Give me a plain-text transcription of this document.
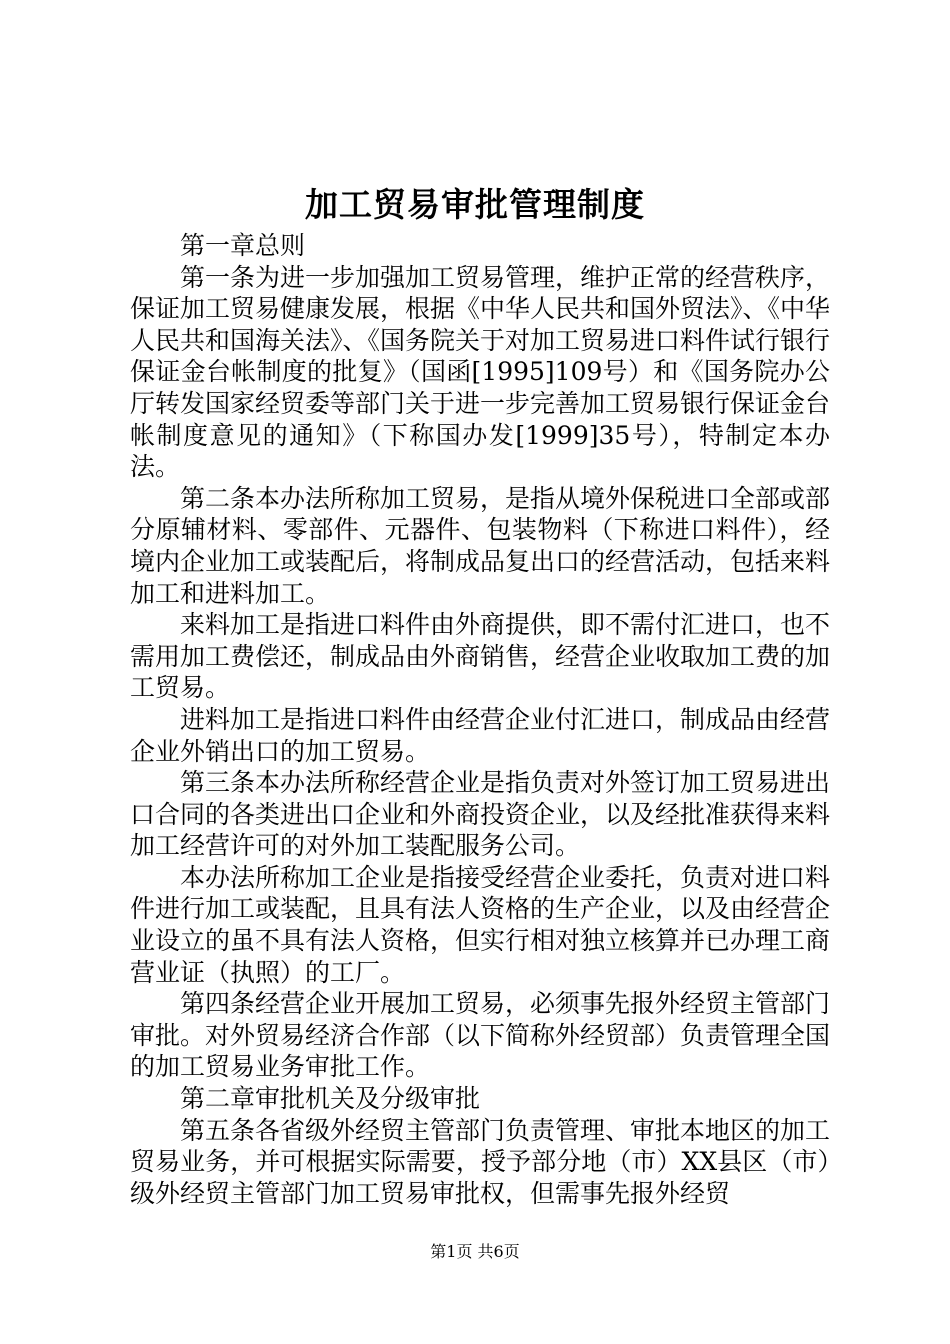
加工贸易审批管理制度

第一章总则

第一条为进一步加强加工贸易管理，维护正常的经营秩序，保证加工贸易健康发展，根据《中华人民共和国外贸法》、《中华人民共和国海关法》、《国务院关于对加工贸易进口料件试行银行保证金台帐制度的批复》（国函[1995]109号）和《国务院办公厅转发国家经贸委等部门关于进一步完善加工贸易银行保证金台帐制度意见的通知》（下称国办发[1999]35号），特制定本办法。

第二条本办法所称加工贸易，是指从境外保税进口全部或部分原辅材料、零部件、元器件、包装物料（下称进口料件），经境内企业加工或装配后，将制成品复出口的经营活动，包括来料加工和进料加工。

来料加工是指进口料件由外商提供，即不需付汇进口，也不需用加工费偿还，制成品由外商销售，经营企业收取加工费的加工贸易。

进料加工是指进口料件由经营企业付汇进口，制成品由经营企业外销出口的加工贸易。

第三条本办法所称经营企业是指负责对外签订加工贸易进出口合同的各类进出口企业和外商投资企业，以及经批准获得来料加工经营许可的对外加工装配服务公司。

本办法所称加工企业是指接受经营企业委托，负责对进口料件进行加工或装配，且具有法人资格的生产企业，以及由经营企业设立的虽不具有法人资格，但实行相对独立核算并已办理工商营业证（执照）的工厂。

第四条经营企业开展加工贸易，必须事先报外经贸主管部门审批。对外贸易经济合作部（以下简称外经贸部）负责管理全国的加工贸易业务审批工作。

第二章审批机关及分级审批

第五条各省级外经贸主管部门负责管理、审批本地区的加工贸易业务，并可根据实际需要，授予部分地（市）XX县区（市）级外经贸主管部门加工贸易审批权，但需事先报外经贸

第1页 共6页
